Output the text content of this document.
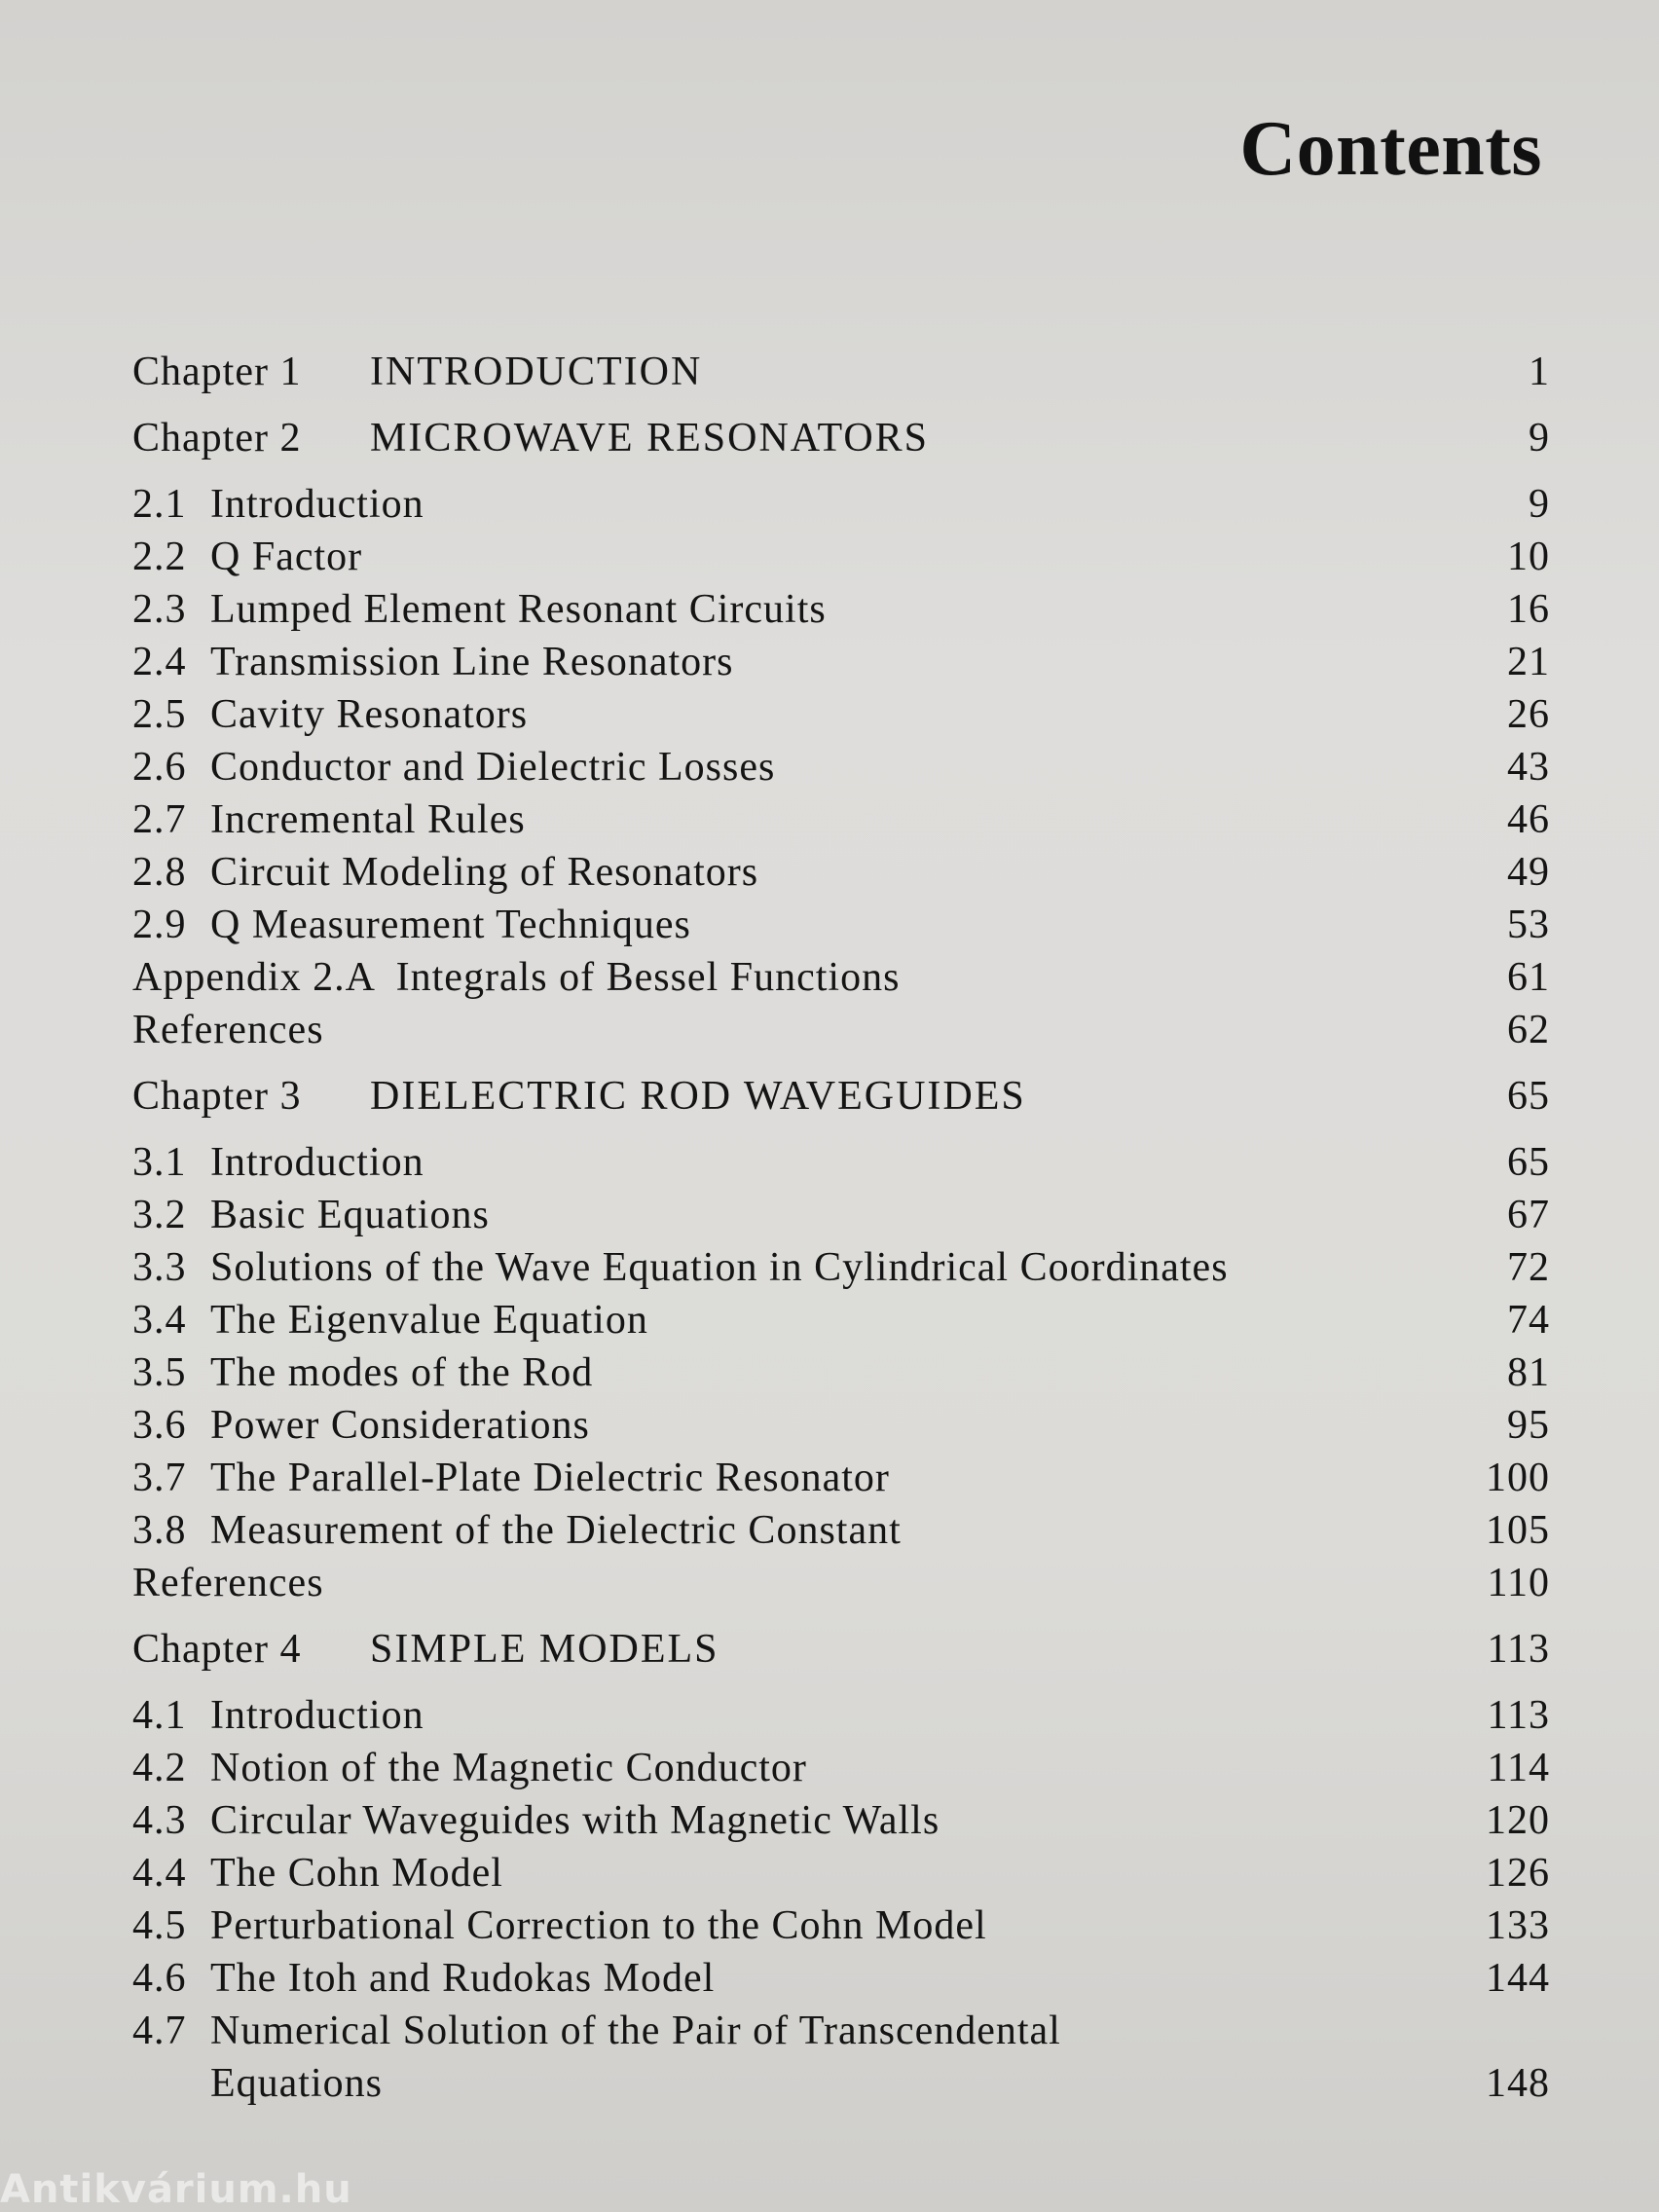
Contents
Chapter 1 INTRODUCTION	1
Chapter 2 MICROWAVE RESONATORS	9
2.1 Introduction	9
2.2 Q Factor	10
2.3 Lumped Element Resonant Circuits	16
2.4 Transmission Line Resonators	21
2.5 Cavity Resonators	26
2.6 Conductor and Dielectric Losses	43
2.7 Incremental Rules	46
2.8 Circuit Modeling of Resonators	49
2.9 Q Measurement Techniques	53
Appendix 2.A  Integrals of Bessel Functions	61
References	62
Chapter 3 DIELECTRIC ROD WAVEGUIDES	65
3.1 Introduction	65
3.2 Basic Equations	67
3.3 Solutions of the Wave Equation in Cylindrical Coordinates	72
3.4 The Eigenvalue Equation	74
3.5 The modes of the Rod	81
3.6 Power Considerations	95
3.7 The Parallel-Plate Dielectric Resonator	100
3.8 Measurement of the Dielectric Constant	105
References	110
Chapter 4 SIMPLE MODELS	113
4.1 Introduction	113
4.2 Notion of the Magnetic Conductor	114
4.3 Circular Waveguides with Magnetic Walls	120
4.4 The Cohn Model	126
4.5 Perturbational Correction to the Cohn Model	133
4.6 The Itoh and Rudokas Model	144
4.7 Numerical Solution of the Pair of Transcendental
Equations	148
Antikvárium.hu
